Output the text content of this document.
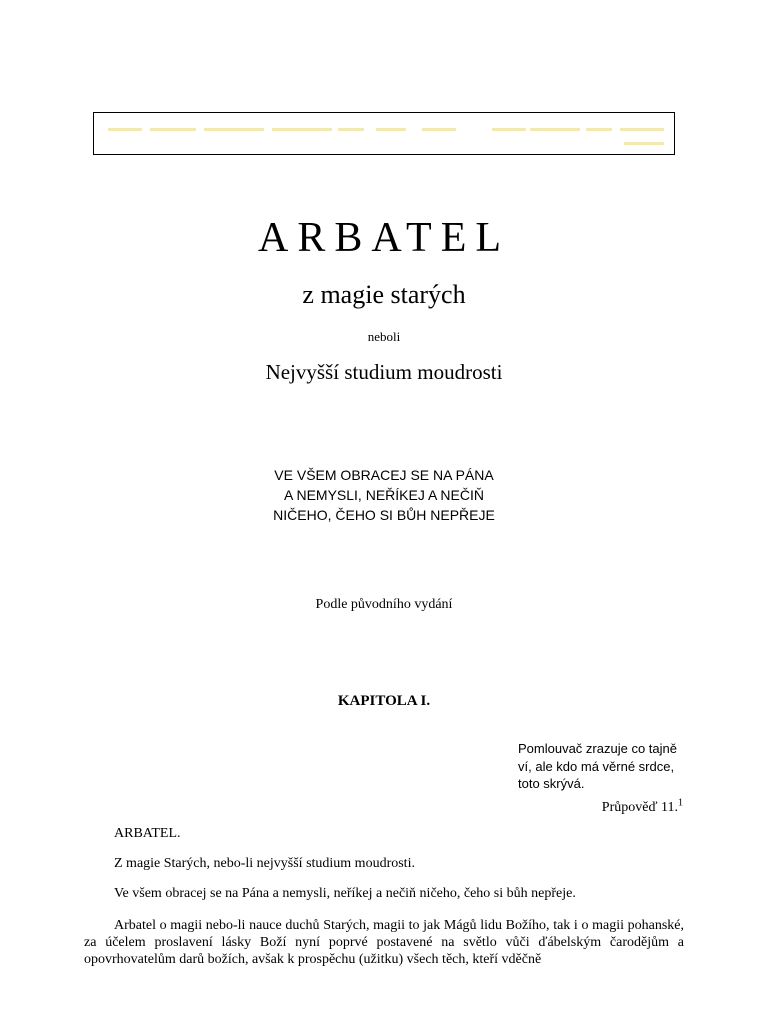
ARBATEL
z magie starých
neboli
Nejvyšší studium moudrosti
VE VŠEM OBRACEJ SE NA PÁNA
A NEMYSLI, NEŘÍKEJ A NEČIŇ
NIČEHO, ČEHO SI BŮH NEPŘEJE
Podle původního vydání
KAPITOLA I.
Pomlouvač zrazuje co tajně ví, ale kdo má věrné srdce, toto skrývá.
Průpověď 11.$^1$
ARBATEL.
Z magie Starých, nebo-li nejvyšší studium moudrosti.
Ve všem obracej se na Pána a nemysli, neříkej a nečiň ničeho, čeho si bůh nepřeje.
Arbatel o magii nebo-li nauce duchů Starých, magii to jak Mágů lidu Božího, tak i o magii pohanské, za účelem proslavení lásky Boží nyní poprvé postavené na světlo vůči ďábelským čarodějům a opovrhovatelům darů božích, avšak k prospěchu (užitku) všech těch, kteří vděčně
